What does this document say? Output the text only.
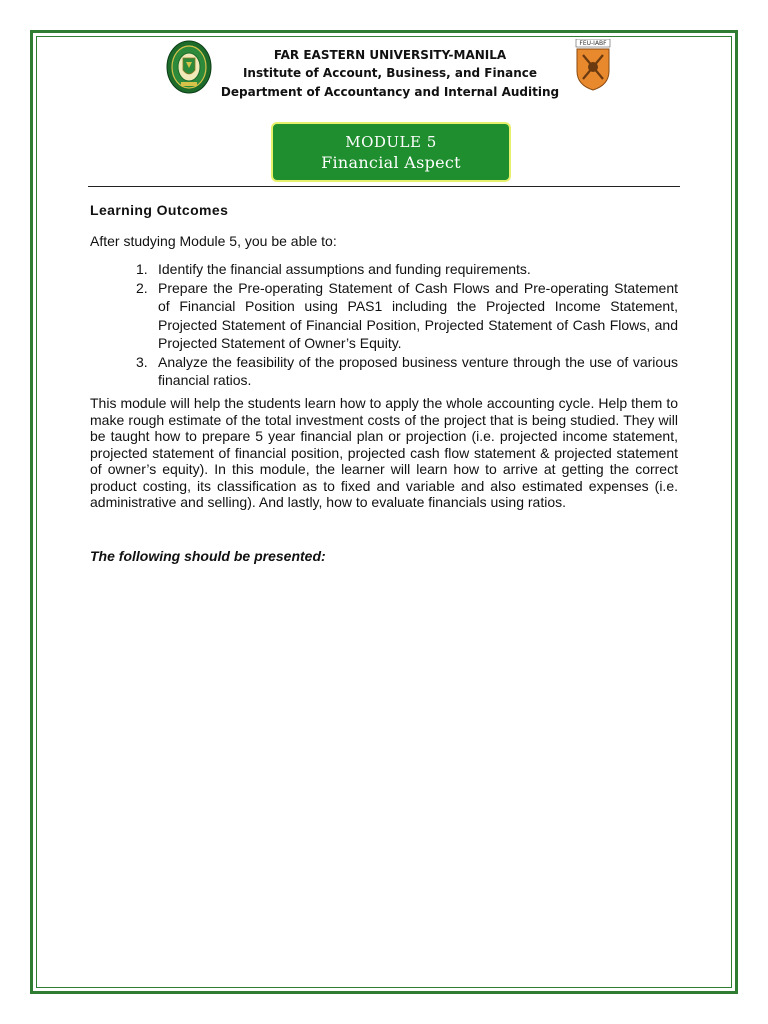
FEU-IABF
FAR EASTERN UNIVERSITY-MANILA
Institute of Account, Business, and Finance
Department of Accountancy and Internal Auditing
MODULE 5
Financial Aspect
Learning Outcomes
After studying Module 5, you be able to:
1. Identify the financial assumptions and funding requirements.
2. Prepare the Pre-operating Statement of Cash Flows and Pre-operating Statement of Financial Position using PAS1 including the Projected Income Statement, Projected Statement of Financial Position, Projected Statement of Cash Flows, and Projected Statement of Owner’s Equity.
3. Analyze the feasibility of the proposed business venture through the use of various financial ratios.

This module will help the students learn how to apply the whole accounting cycle. Help them to make rough estimate of the total investment costs of the project that is being studied. They will be taught how to prepare 5 year financial plan or projection (i.e. projected income statement, projected statement of financial position, projected cash flow statement & projected statement of owner’s equity). In this module, the learner will learn how to arrive at getting the correct product costing, its classification as to fixed and variable and also estimated expenses (i.e. administrative and selling). And lastly, how to evaluate financials using ratios.

The following should be presented:
